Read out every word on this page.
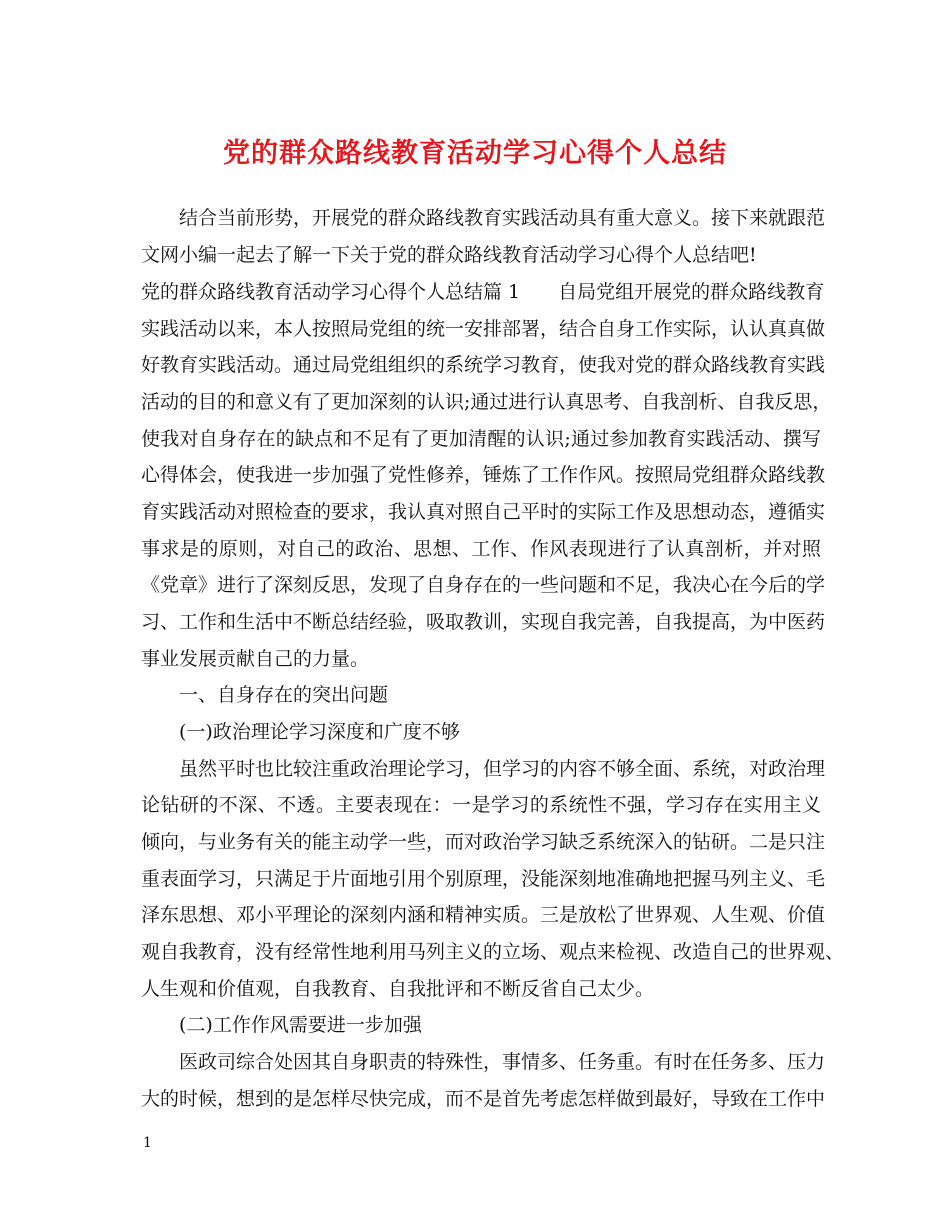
党的群众路线教育活动学习心得个人总结
　　结合当前形势，开展党的群众路线教育实践活动具有重大意义。接下来就跟范
文网小编一起去了解一下关于党的群众路线教育活动学习心得个人总结吧!
党的群众路线教育活动学习心得个人总结篇 1　　自局党组开展党的群众路线教育
实践活动以来，本人按照局党组的统一安排部署，结合自身工作实际，认认真真做
好教育实践活动。通过局党组组织的系统学习教育，使我对党的群众路线教育实践
活动的目的和意义有了更加深刻的认识;通过进行认真思考、自我剖析、自我反思，
使我对自身存在的缺点和不足有了更加清醒的认识;通过参加教育实践活动、撰写
心得体会，使我进一步加强了党性修养，锤炼了工作作风。按照局党组群众路线教
育实践活动对照检查的要求，我认真对照自己平时的实际工作及思想动态，遵循实
事求是的原则，对自己的政治、思想、工作、作风表现进行了认真剖析，并对照
《党章》进行了深刻反思，发现了自身存在的一些问题和不足，我决心在今后的学
习、工作和生活中不断总结经验，吸取教训，实现自我完善，自我提高，为中医药
事业发展贡献自己的力量。
　　一、自身存在的突出问题
　　(一)政治理论学习深度和广度不够
　　虽然平时也比较注重政治理论学习，但学习的内容不够全面、系统，对政治理
论钻研的不深、不透。主要表现在：一是学习的系统性不强，学习存在实用主义
倾向，与业务有关的能主动学一些，而对政治学习缺乏系统深入的钻研。二是只注
重表面学习，只满足于片面地引用个别原理，没能深刻地准确地把握马列主义、毛
泽东思想、邓小平理论的深刻内涵和精神实质。三是放松了世界观、人生观、价值
观自我教育，没有经常性地利用马列主义的立场、观点来检视、改造自己的世界观、
人生观和价值观，自我教育、自我批评和不断反省自己太少。
　　(二)工作作风需要进一步加强
　　医政司综合处因其自身职责的特殊性，事情多、任务重。有时在任务多、压力
大的时候，想到的是怎样尽快完成，而不是首先考虑怎样做到最好，导致在工作中
1
